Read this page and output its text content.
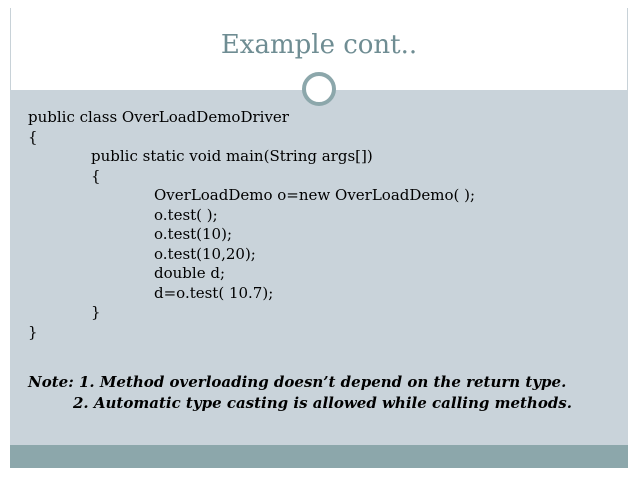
Example cont..
public class OverLoadDemoDriver
{
public static void main(String args[])
{
OverLoadDemo o=new OverLoadDemo( );
o.test( );
o.test(10);
o.test(10,20);
double d;
d=o.test( 10.7);
}
}
Note: 1. Method overloading doesn’t depend on the return type.
2. Automatic type casting is allowed while calling methods.
